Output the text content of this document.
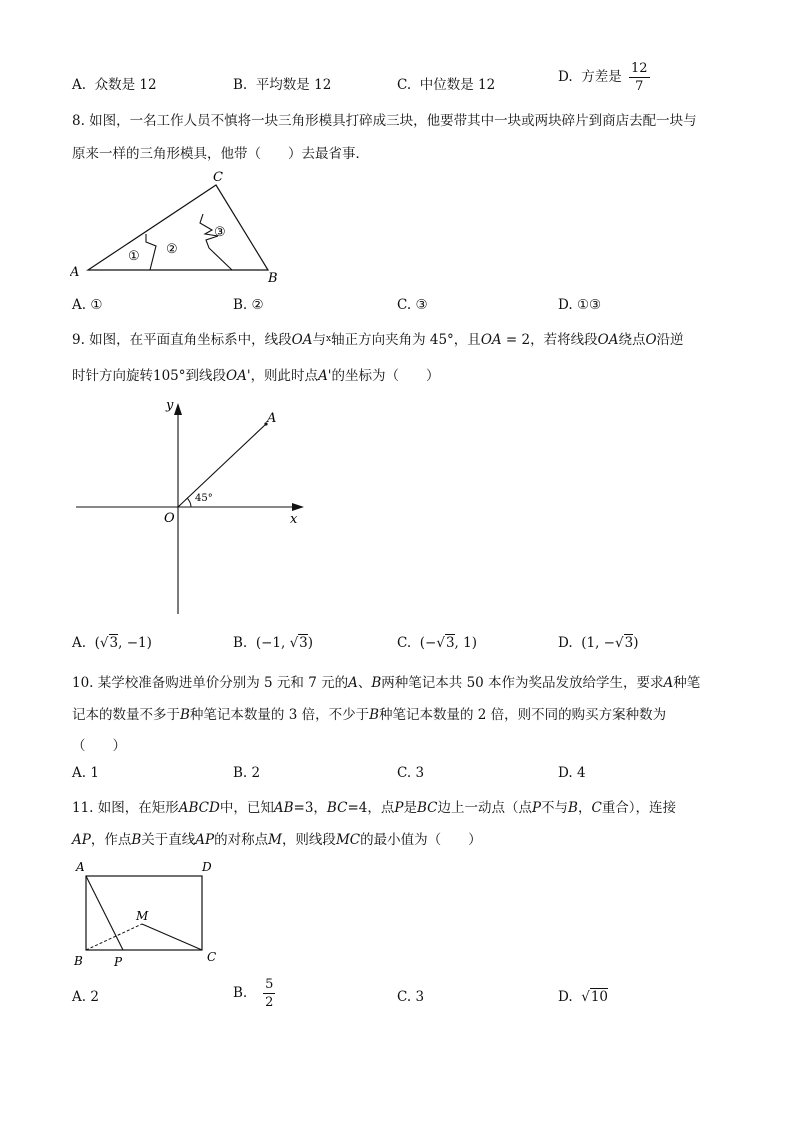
A. 众数是 12	B. 平均数是 12	C. 中位数是 12	D. 方差是 $\frac{12}{7}$
8. 如图，一名工作人员不慎将一块三角形模具打碎成三块，他要带其中一块或两块碎片到商店去配一块与
原来一样的三角形模具，他带（　　）去最省事．
A	B
C
① ②
③
A. ①	B. ②	C. ③	D. ①③
9. 如图，在平面直角坐标系中，线段OA与$^x$轴正方向夹角为 45°，且OA = 2，若将线段OA绕点O沿逆
时针方向旋转105°到线段OA'，则此时点A'的坐标为（　　）
y
x
O
A
45°
A. (√3, −1)	B. (−1, √3)	C. (−√3, 1)	D. (1, −√3)
10. 某学校准备购进单价分别为 5 元和 7 元的A、B两种笔记本共 50 本作为奖品发放给学生，要求A种笔
记本的数量不多于B种笔记本数量的 3 倍，不少于B种笔记本数量的 2 倍，则不同的购买方案种数为
（　　）
A. 1	B. 2	C. 3	D. 4
11. 如图，在矩形ABCD中，已知AB=3，BC=4，点P是BC边上一动点（点P不与B，C重合），连接
AP，作点B关于直线AP的对称点M，则线段MC的最小值为（　　）
A	D
B	C
M
P
A. 2	B. $\frac{5}{2}$	C. 3	D.  √10
